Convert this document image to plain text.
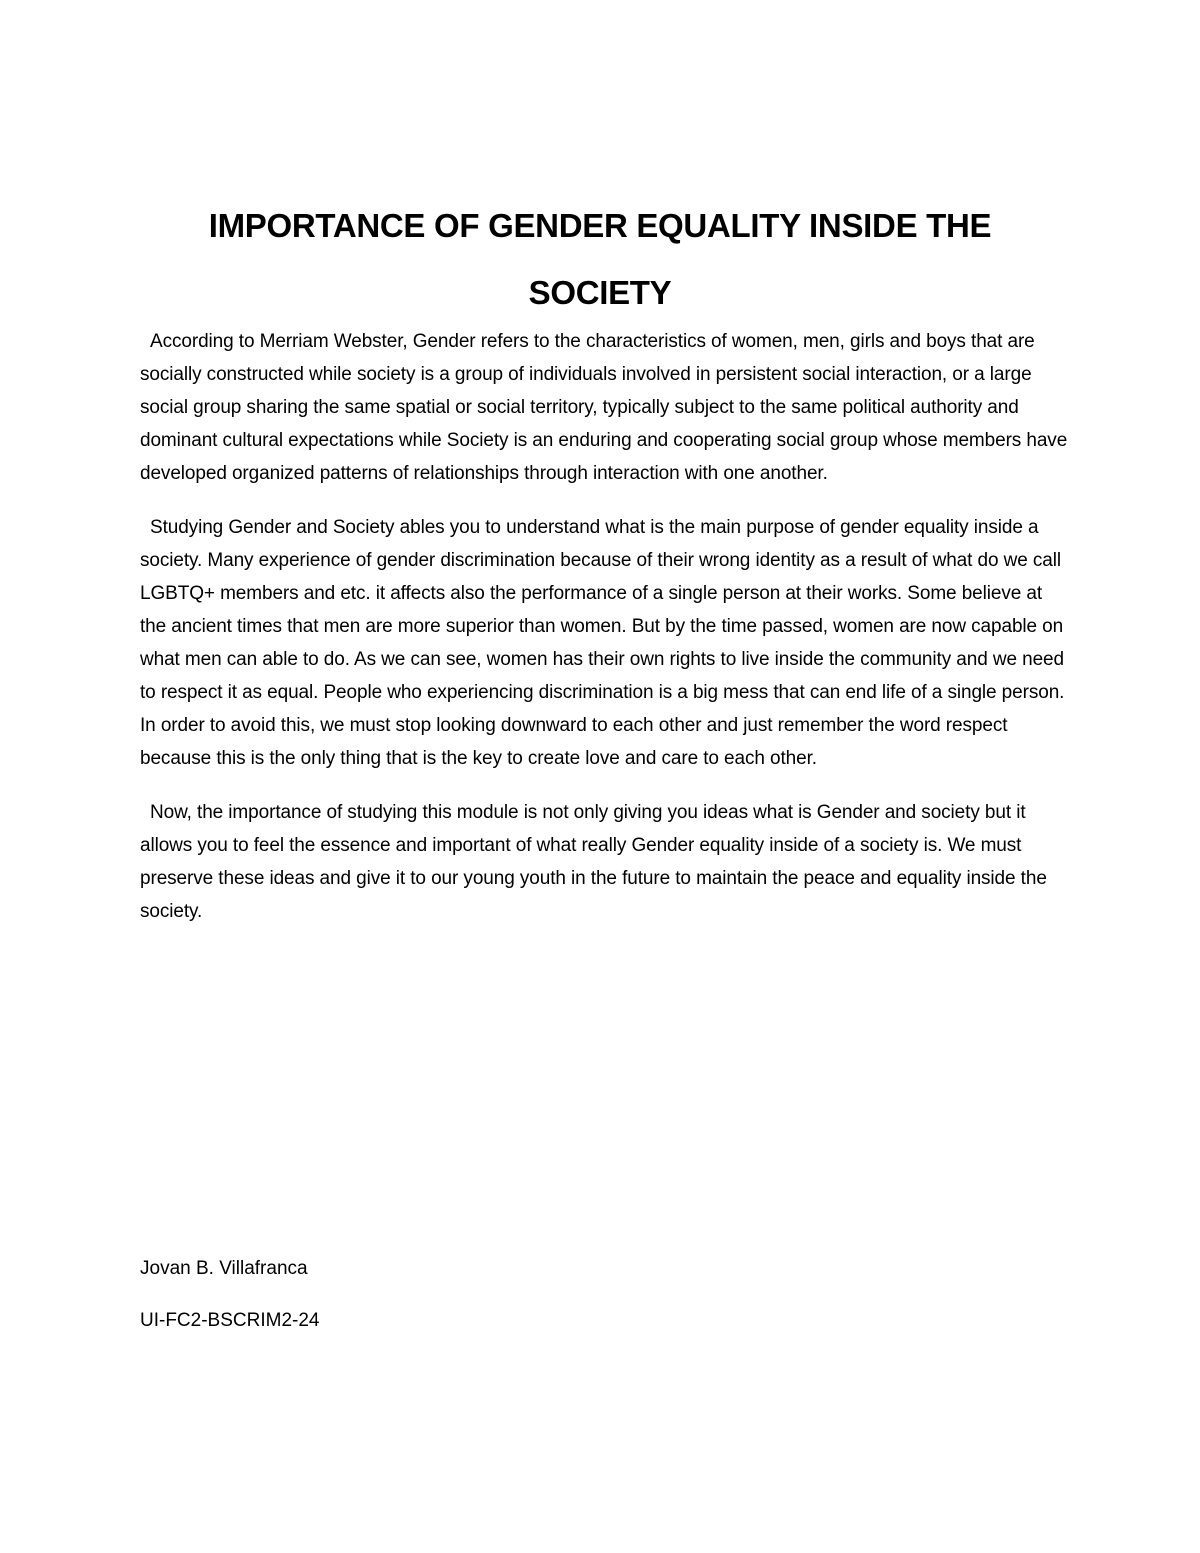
IMPORTANCE OF GENDER EQUALITY INSIDE THE SOCIETY

According to Merriam Webster, Gender refers to the characteristics of women, men, girls and boys that are socially constructed while society is a group of individuals involved in persistent social interaction, or a large social group sharing the same spatial or social territory, typically subject to the same political authority and dominant cultural expectations while Society is an enduring and cooperating social group whose members have developed organized patterns of relationships through interaction with one another.

Studying Gender and Society ables you to understand what is the main purpose of gender equality inside a society. Many experience of gender discrimination because of their wrong identity as a result of what do we call LGBTQ+ members and etc. it affects also the performance of a single person at their works. Some believe at the ancient times that men are more superior than women. But by the time passed, women are now capable on what men can able to do. As we can see, women has their own rights to live inside the community and we need to respect it as equal. People who experiencing discrimination is a big mess that can end life of a single person. In order to avoid this, we must stop looking downward to each other and just remember the word respect because this is the only thing that is the key to create love and care to each other.

Now, the importance of studying this module is not only giving you ideas what is Gender and society but it allows you to feel the essence and important of what really Gender equality inside of a society is. We must preserve these ideas and give it to our young youth in the future to maintain the peace and equality inside the society.

Jovan B. Villafranca

UI-FC2-BSCRIM2-24
